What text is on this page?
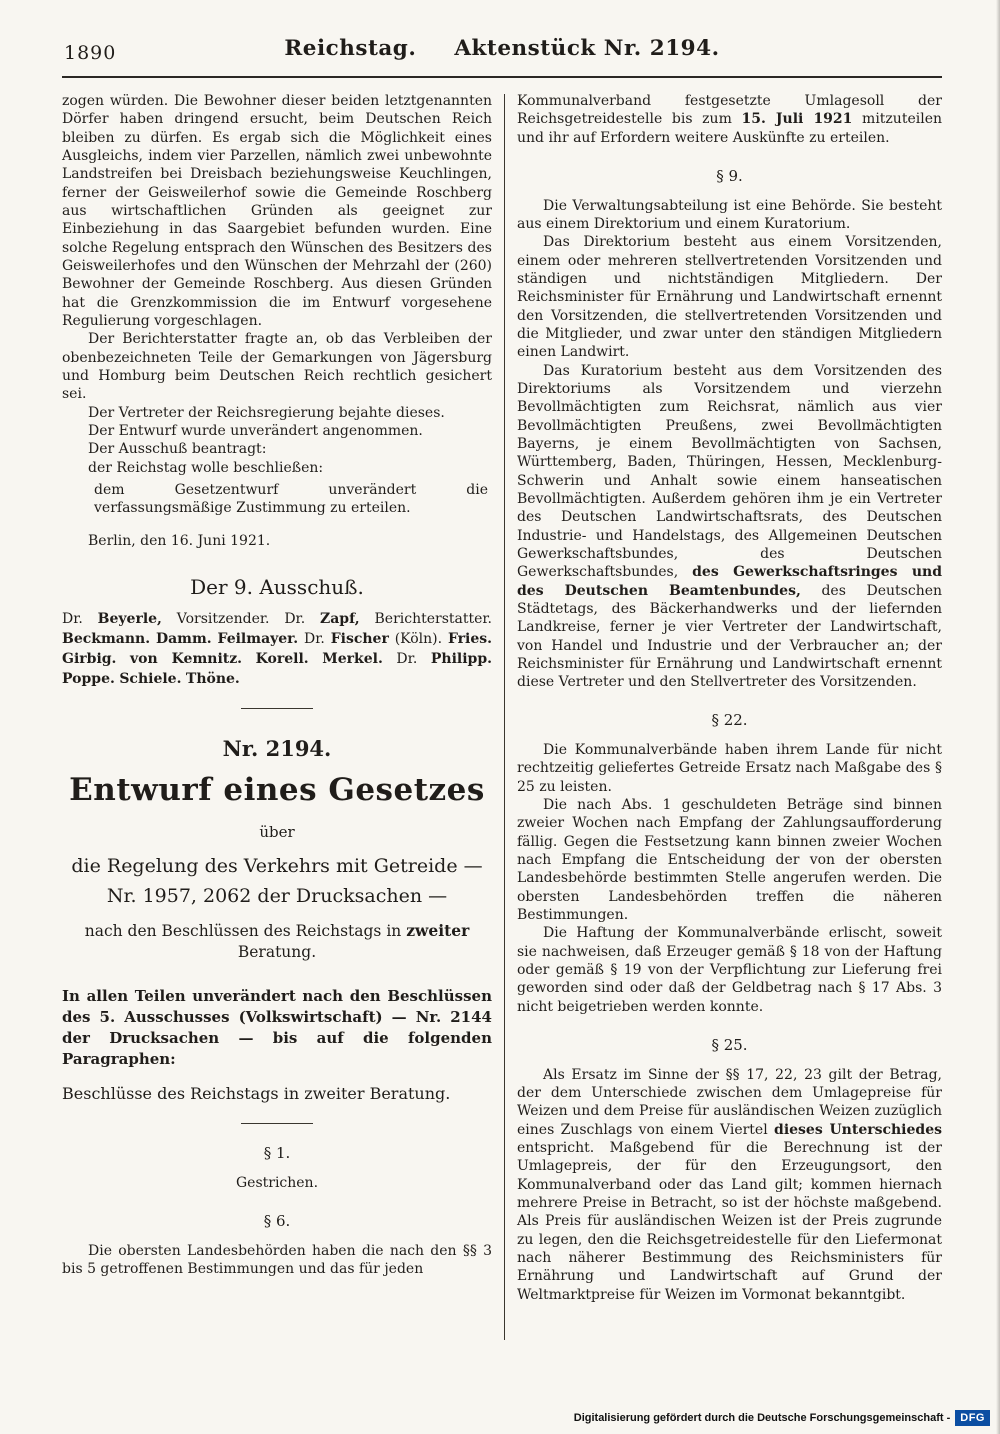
1890	Reichstag. Aktenstück Nr. 2194.
zogen würden. Die Bewohner dieser beiden letztgenannten Dörfer haben dringend ersucht, beim Deutschen Reich bleiben zu dürfen. Es ergab sich die Möglichkeit eines Ausgleichs, indem vier Parzellen, nämlich zwei unbewohnte Landstreifen bei Dreisbach beziehungsweise Keuchlingen, ferner der Geisweilerhof sowie die Gemeinde Roschberg aus wirtschaftlichen Gründen als geeignet zur Einbeziehung in das Saargebiet befunden wurden. Eine solche Regelung entsprach den Wünschen des Besitzers des Geisweilerhofes und den Wünschen der Mehrzahl der (260) Bewohner der Gemeinde Roschberg. Aus diesen Gründen hat die Grenzkommission die im Entwurf vorgesehene Regulierung vorgeschlagen.
Der Berichterstatter fragte an, ob das Verbleiben der obenbezeichneten Teile der Gemarkungen von Jägersburg und Homburg beim Deutschen Reich rechtlich gesichert sei.
Der Vertreter der Reichsregierung bejahte dieses.
Der Entwurf wurde unverändert angenommen.
Der Ausschuß beantragt:
der Reichstag wolle beschließen:
dem Gesetzentwurf unverändert die verfassungsmäßige Zustimmung zu erteilen.
Berlin, den 16. Juni 1921.
Der 9. Ausschuß.
Dr. Beyerle, Vorsitzender. Dr. Zapf, Berichterstatter. Beckmann. Damm. Feilmayer. Dr. Fischer (Köln). Fries. Girbig. von Kemnitz. Korell. Merkel. Dr. Philipp. Poppe. Schiele. Thöne.
Nr. 2194.
Entwurf eines Gesetzes
über
die Regelung des Verkehrs mit Getreide —
Nr. 1957, 2062 der Drucksachen —
nach den Beschlüssen des Reichstags in zweiter Beratung.
In allen Teilen unverändert nach den Beschlüssen des 5. Ausschusses (Volkswirtschaft) — Nr. 2144 der Drucksachen — bis auf die folgenden Paragraphen:
Beschlüsse des Reichstags in zweiter Beratung.
§ 1.
Gestrichen.
§ 6.
Die obersten Landesbehörden haben die nach den §§ 3 bis 5 getroffenen Bestimmungen und das für jeden
Kommunalverband festgesetzte Umlagesoll der Reichsgetreidestelle bis zum 15. Juli 1921 mitzuteilen und ihr auf Erfordern weitere Auskünfte zu erteilen.
§ 9.
Die Verwaltungsabteilung ist eine Behörde. Sie besteht aus einem Direktorium und einem Kuratorium.
Das Direktorium besteht aus einem Vorsitzenden, einem oder mehreren stellvertretenden Vorsitzenden und ständigen und nichtständigen Mitgliedern. Der Reichsminister für Ernährung und Landwirtschaft ernennt den Vorsitzenden, die stellvertretenden Vorsitzenden und die Mitglieder, und zwar unter den ständigen Mitgliedern einen Landwirt.
Das Kuratorium besteht aus dem Vorsitzenden des Direktoriums als Vorsitzendem und vierzehn Bevollmächtigten zum Reichsrat, nämlich aus vier Bevollmächtigten Preußens, zwei Bevollmächtigten Bayerns, je einem Bevollmächtigten von Sachsen, Württemberg, Baden, Thüringen, Hessen, Mecklenburg-Schwerin und Anhalt sowie einem hanseatischen Bevollmächtigten. Außerdem gehören ihm je ein Vertreter des Deutschen Landwirtschaftsrats, des Deutschen Industrie- und Handelstags, des Allgemeinen Deutschen Gewerkschaftsbundes, des Deutschen Gewerkschaftsbundes, des Gewerkschaftsringes und des Deutschen Beamtenbundes, des Deutschen Städtetags, des Bäckerhandwerks und der liefernden Landkreise, ferner je vier Vertreter der Landwirtschaft, von Handel und Industrie und der Verbraucher an; der Reichsminister für Ernährung und Landwirtschaft ernennt diese Vertreter und den Stellvertreter des Vorsitzenden.
§ 22.
Die Kommunalverbände haben ihrem Lande für nicht rechtzeitig geliefertes Getreide Ersatz nach Maßgabe des § 25 zu leisten.
Die nach Abs. 1 geschuldeten Beträge sind binnen zweier Wochen nach Empfang der Zahlungsaufforderung fällig. Gegen die Festsetzung kann binnen zweier Wochen nach Empfang die Entscheidung der von der obersten Landesbehörde bestimmten Stelle angerufen werden. Die obersten Landesbehörden treffen die näheren Bestimmungen.
Die Haftung der Kommunalverbände erlischt, soweit sie nachweisen, daß Erzeuger gemäß § 18 von der Haftung oder gemäß § 19 von der Verpflichtung zur Lieferung frei geworden sind oder daß der Geldbetrag nach § 17 Abs. 3 nicht beigetrieben werden konnte.
§ 25.
Als Ersatz im Sinne der §§ 17, 22, 23 gilt der Betrag, der dem Unterschiede zwischen dem Umlagepreise für Weizen und dem Preise für ausländischen Weizen zuzüglich eines Zuschlags von einem Viertel dieses Unterschiedes entspricht. Maßgebend für die Berechnung ist der Umlagepreis, der für den Erzeugungsort, den Kommunalverband oder das Land gilt; kommen hiernach mehrere Preise in Betracht, so ist der höchste maßgebend. Als Preis für ausländischen Weizen ist der Preis zugrunde zu legen, den die Reichsgetreidestelle für den Liefermonat nach näherer Bestimmung des Reichsministers für Ernährung und Landwirtschaft auf Grund der Weltmarktpreise für Weizen im Vormonat bekanntgibt.
Digitalisierung gefördert durch die Deutsche Forschungsgemeinschaft - DFG
